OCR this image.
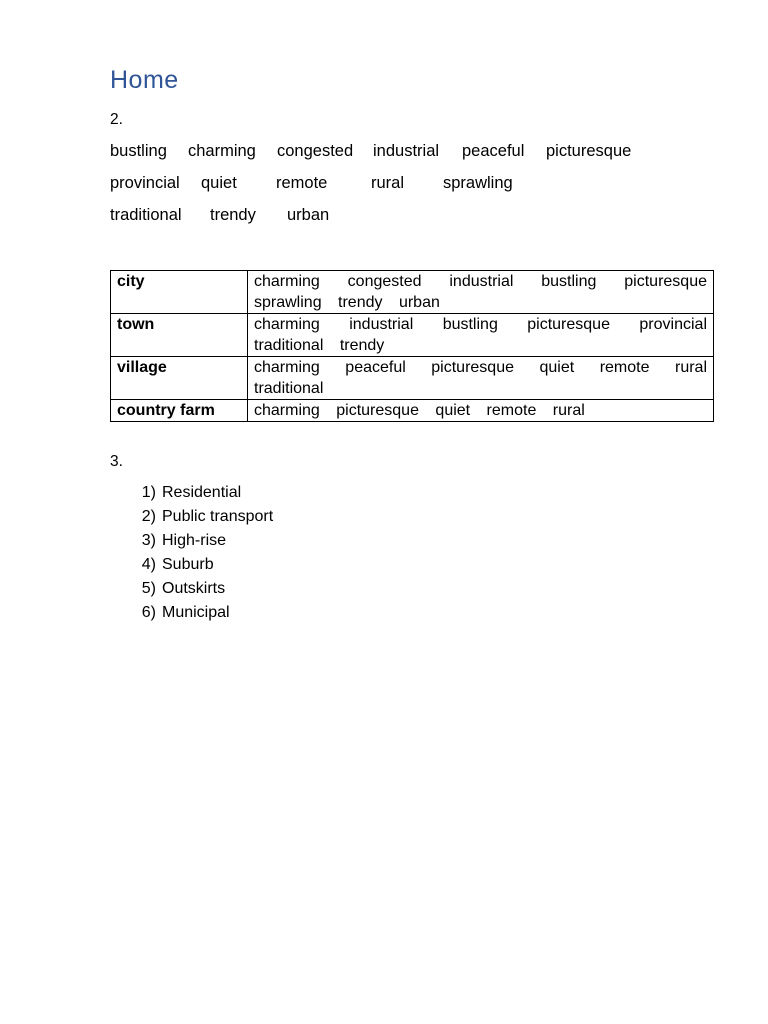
Home
2.
bustling charming congested industrial peaceful picturesque
provincial quiet remote	rural sprawling
traditional trendy urban
city	charming congested industrial bustling picturesque sprawling trendy urban
town	charming industrial bustling picturesque provincial traditional trendy
village	charming peaceful picturesque quiet remote rural traditional
country farm	charming picturesque quiet remote rural
3.
1) Residential
2) Public transport
3) High-rise
4) Suburb
5) Outskirts
6) Municipal
